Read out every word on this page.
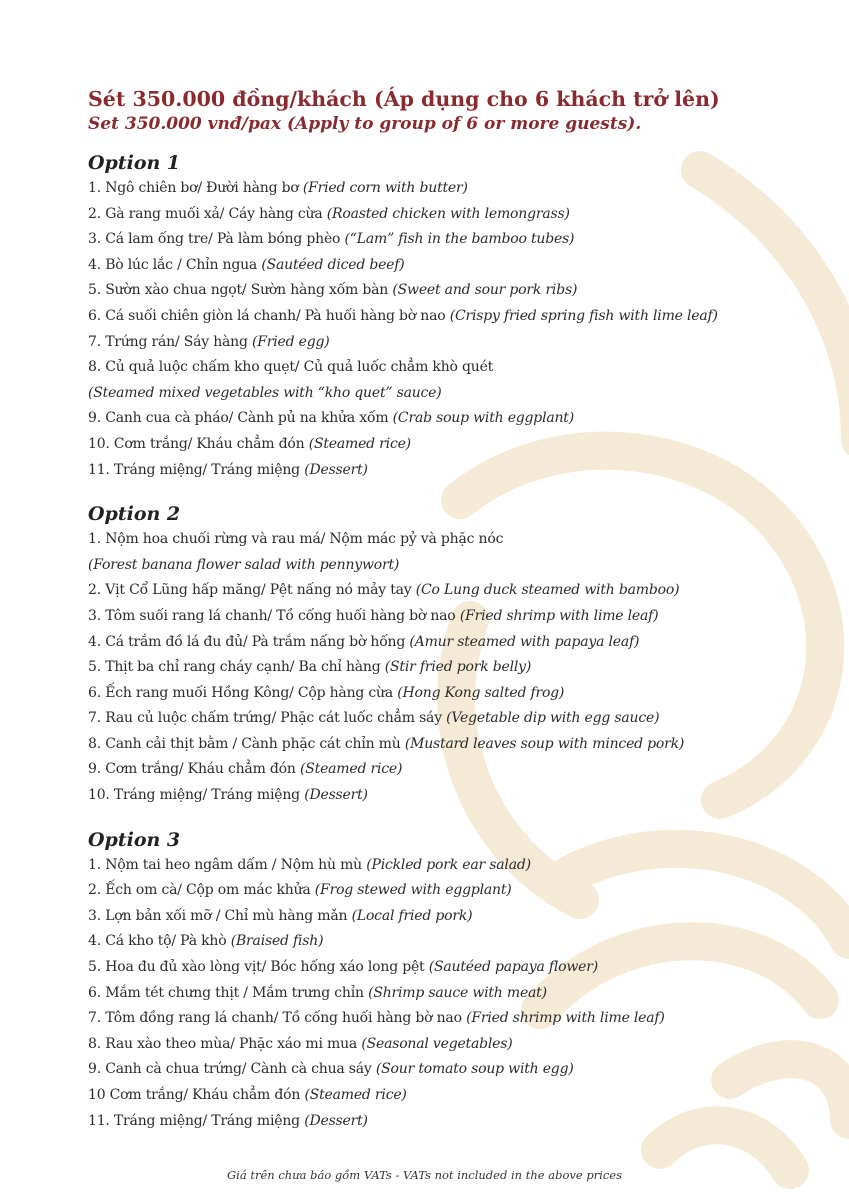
Sét 350.000 đồng/khách (Áp dụng cho 6 khách trở lên)
Set 350.000 vnđ/pax (Apply to group of 6 or more guests).
Option 1
1. Ngô chiên bơ/ Đười hàng bơ (Fried corn with butter)
2. Gà rang muối xả/ Cáy hàng cừa (Roasted chicken with lemongrass)
3. Cá lam ống tre/ Pà làm bóng phèo (“Lam” fish in the bamboo tubes)
4. Bò lúc lắc / Chỉn ngua (Sautéed diced beef)
5. Sườn xào chua ngọt/ Sườn hàng xốm bàn (Sweet and sour pork ribs)
6. Cá suối chiên giòn lá chanh/ Pà huối hàng bờ nao (Crispy fried spring fish with lime leaf)
7. Trứng rán/ Sáy hàng (Fried egg)
8. Củ quả luộc chấm kho quẹt/ Củ quả luốc chẳm khò quét
(Steamed mixed vegetables with “kho quet” sauce)
9. Canh cua cà pháo/ Cành pủ na khửa xốm (Crab soup with eggplant)
10. Cơm trắng/ Kháu chẳm đón (Steamed rice)
11. Tráng miệng/ Tráng miệng (Dessert)
Option 2
1. Nộm hoa chuối rừng và rau má/ Nộm mác pỷ và phặc nóc
(Forest banana flower salad with pennywort)
2. Vịt Cổ Lũng hấp măng/ Pệt nấng nó mảy tay (Co Lung duck steamed with bamboo)
3. Tôm suối rang lá chanh/ Tồ cống huối hàng bờ nao (Fried shrimp with lime leaf)
4. Cá trắm đồ lá đu đủ/ Pà trắm nấng bờ hống (Amur steamed with papaya leaf)
5. Thịt ba chỉ rang cháy cạnh/ Ba chỉ hàng (Stir fried pork belly)
6. Ếch rang muối Hồng Kông/ Cộp hàng cừa (Hong Kong salted frog)
7. Rau củ luộc chấm trứng/ Phặc cát luốc chẳm sáy (Vegetable dip with egg sauce)
8. Canh cải thịt bằm / Cành phặc cát chỉn mù (Mustard leaves soup with minced pork)
9. Cơm trắng/ Kháu chẳm đón (Steamed rice)
10. Tráng miệng/ Tráng miệng (Dessert)
Option 3
1. Nộm tai heo ngâm dấm / Nộm hù mù (Pickled pork ear salad)
2. Ếch om cà/ Cộp om mác khửa (Frog stewed with eggplant)
3. Lợn bản xối mỡ / Chỉ mù hàng mǎn (Local fried pork)
4. Cá kho tộ/ Pà khò (Braised fish)
5. Hoa đu đủ xào lòng vịt/ Bóc hống xáo long pệt (Sautéed papaya flower)
6. Mắm tét chưng thịt / Mắm trưng chỉn (Shrimp sauce with meat)
7. Tôm đồng rang lá chanh/ Tồ cống huối hàng bờ nao (Fried shrimp with lime leaf)
8. Rau xào theo mùa/ Phặc xáo mi mua (Seasonal vegetables)
9. Canh cà chua trứng/ Cành cà chua sáy (Sour tomato soup with egg)
10 Cơm trắng/ Kháu chẳm đón (Steamed rice)
11. Tráng miệng/ Tráng miệng (Dessert)
Giá trên chưa báo gồm VATs - VATs not included in the above prices
